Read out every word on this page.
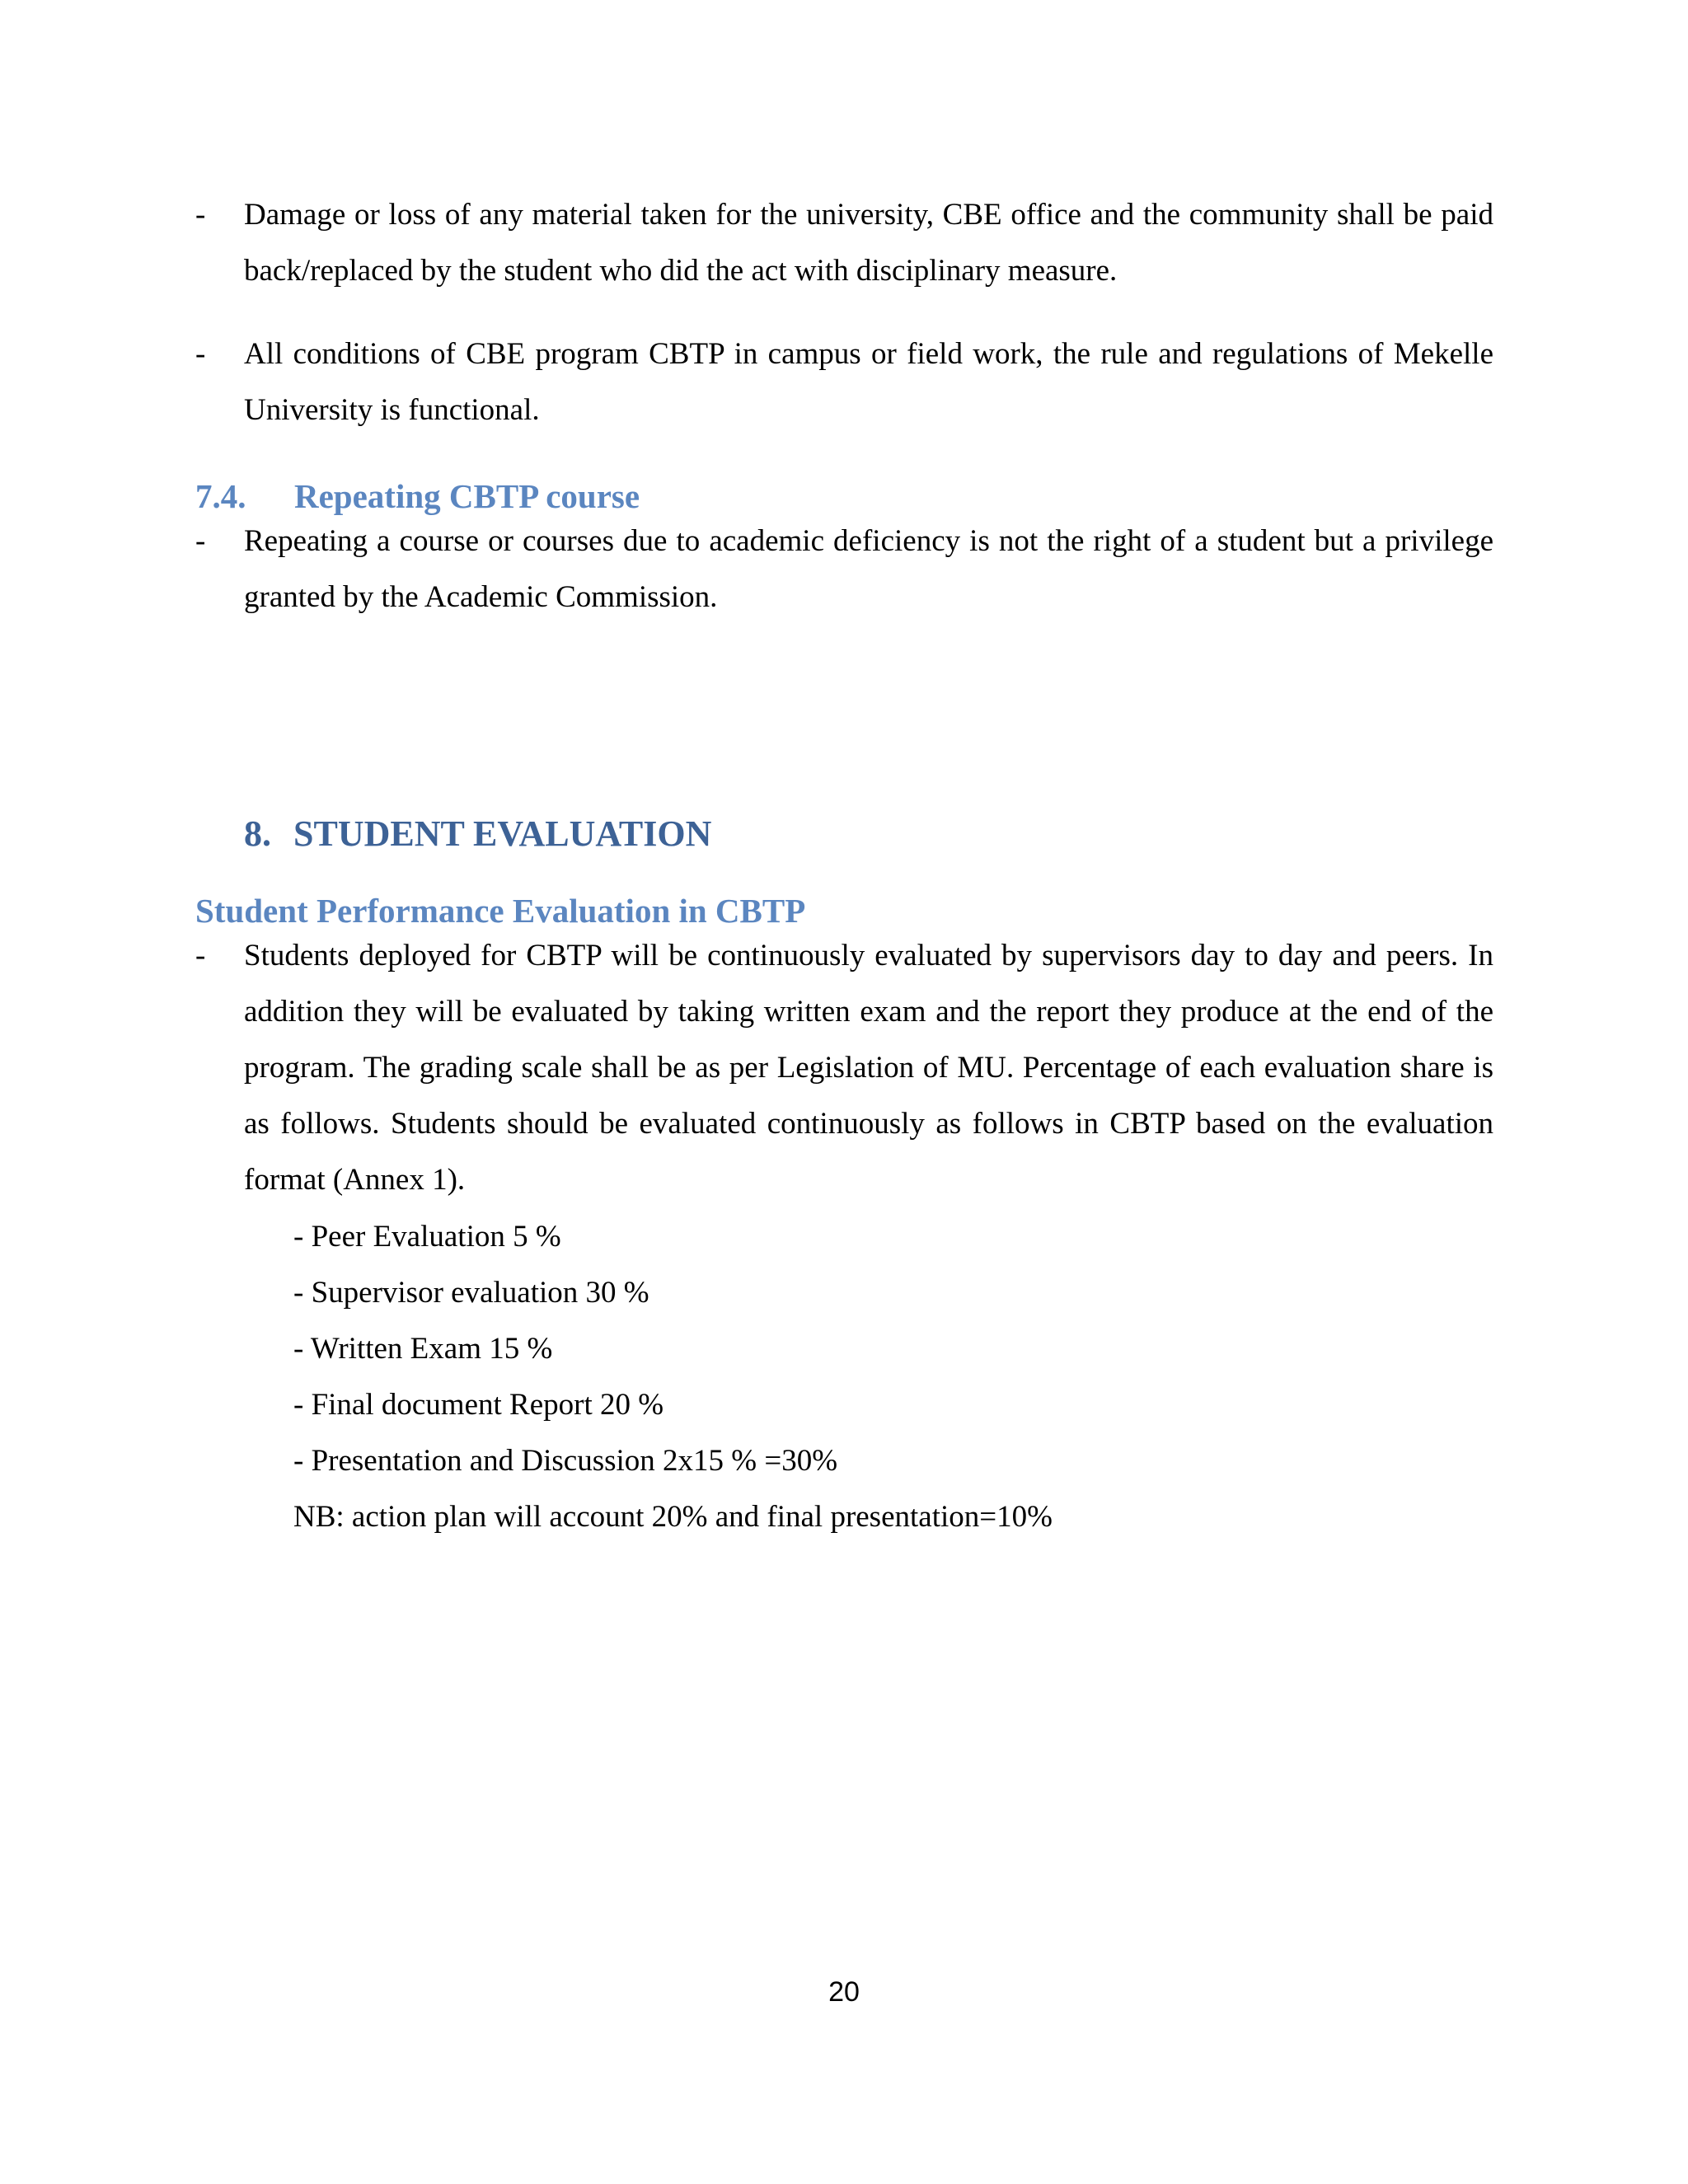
- Damage or loss of any material taken for the university, CBE office and the community shall be paid back/replaced by the student who did the act with disciplinary measure.
- All conditions of CBE program CBTP in campus or field work, the rule and regulations of Mekelle University is functional.
7.4. Repeating CBTP course
- Repeating a course or courses due to academic deficiency is not the right of a student but a privilege granted by the Academic Commission.
8. STUDENT EVALUATION
Student Performance Evaluation in CBTP
- Students deployed for CBTP will be continuously evaluated by supervisors day to day and peers. In addition they will be evaluated by taking written exam and the report they produce at the end of the program. The grading scale shall be as per Legislation of MU. Percentage of each evaluation share is as follows. Students should be evaluated continuously as follows in CBTP based on the evaluation format (Annex 1).
- Peer Evaluation 5 %
- Supervisor evaluation 30 %
- Written Exam 15 %
- Final document Report 20 %
- Presentation and Discussion 2x15 % =30%
NB: action plan will account 20% and final presentation=10%
20
